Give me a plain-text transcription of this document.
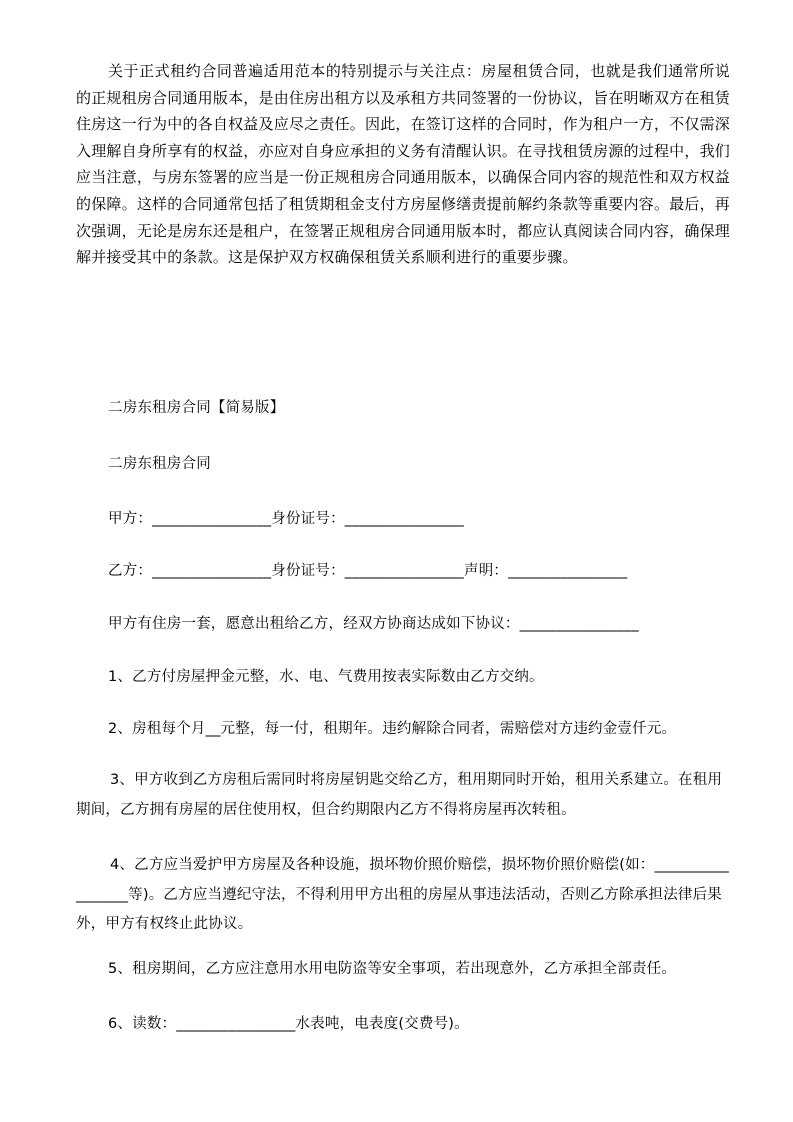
关于正式租约合同普遍适用范本的特别提示与关注点：房屋租赁合同，也就是我们通常所说的正规租房合同通用版本，是由住房出租方以及承租方共同签署的一份协议，旨在明晰双方在租赁住房这一行为中的各自权益及应尽之责任。因此，在签订这样的合同时，作为租户一方，不仅需深入理解自身所享有的权益，亦应对自身应承担的义务有清醒认识。在寻找租赁房源的过程中，我们应当注意，与房东签署的应当是一份正规租房合同通用版本，以确保合同内容的规范性和双方权益的保障。这样的合同通常包括了租赁期租金支付方房屋修缮责提前解约条款等重要内容。最后，再次强调，无论是房东还是租户，在签署正规租房合同通用版本时，都应认真阅读合同内容，确保理解并接受其中的条款。这是保护双方权确保租赁关系顺利进行的重要步骤。
二房东租房合同【简易版】
二房东租房合同
甲方：________________身份证号：________________
乙方：________________身份证号：________________声明：________________
甲方有住房一套，愿意出租给乙方，经双方协商达成如下协议：________________
1、乙方付房屋押金元整，水、电、气费用按表实际数由乙方交纳。
2、房租每个月__元整，每一付，租期年。违约解除合同者，需赔偿对方违约金壹仟元。
3、甲方收到乙方房租后需同时将房屋钥匙交给乙方，租用期同时开始，租用关系建立。在租用期间，乙方拥有房屋的居住使用权，但合约期限内乙方不得将房屋再次转租。
4、乙方应当爱护甲方房屋及各种设施，损坏物价照价赔偿，损坏物价照价赔偿(如：_________________等)。乙方应当遵纪守法，不得利用甲方出租的房屋从事违法活动，否则乙方除承担法律后果外，甲方有权终止此协议。
5、租房期间，乙方应注意用水用电防盗等安全事项，若出现意外，乙方承担全部责任。
6、读数：________________水表吨，电表度(交费号)。
